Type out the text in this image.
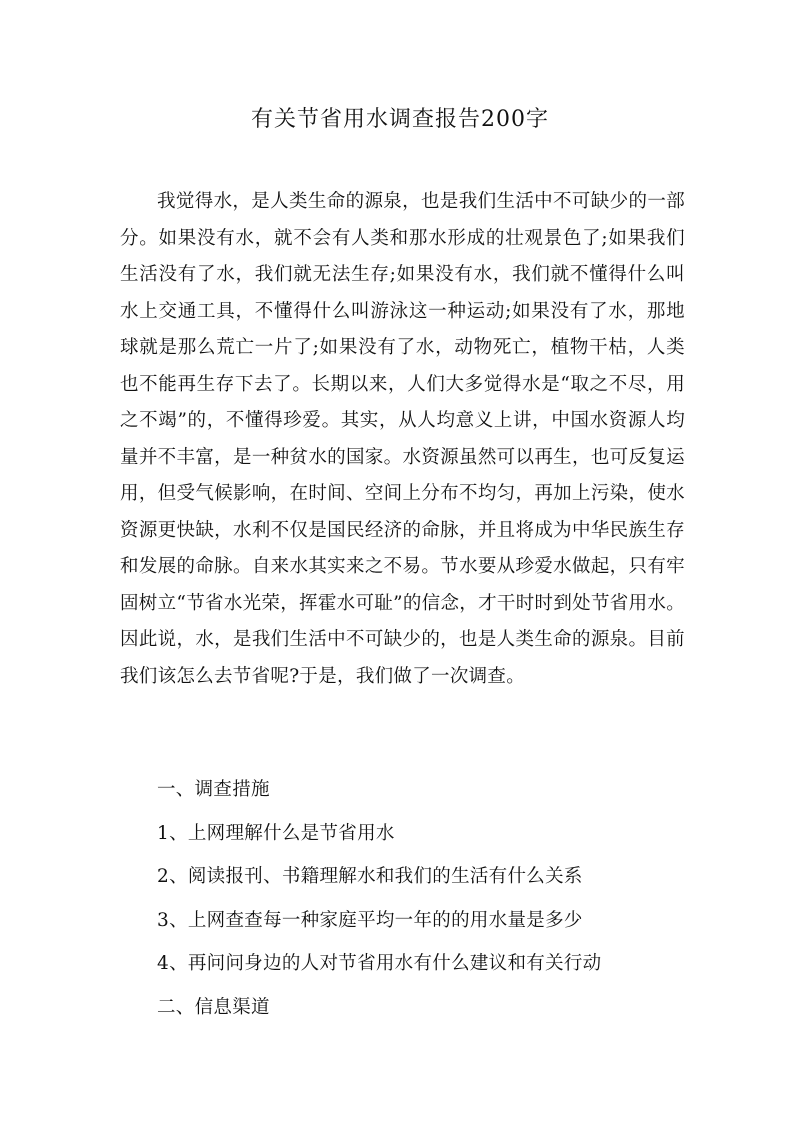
有关节省用水调查报告200字

我觉得水，是人类生命的源泉，也是我们生活中不可缺少的一部分。如果没有水，就不会有人类和那水形成的壮观景色了;如果我们生活没有了水，我们就无法生存;如果没有水，我们就不懂得什么叫水上交通工具，不懂得什么叫游泳这一种运动;如果没有了水，那地球就是那么荒亡一片了;如果没有了水，动物死亡，植物干枯，人类也不能再生存下去了。长期以来，人们大多觉得水是“取之不尽，用之不竭”的，不懂得珍爱。其实，从人均意义上讲，中国水资源人均量并不丰富，是一种贫水的国家。水资源虽然可以再生，也可反复运用，但受气候影响，在时间、空间上分布不均匀，再加上污染，使水资源更快缺，水利不仅是国民经济的命脉，并且将成为中华民族生存和发展的命脉。自来水其实来之不易。节水要从珍爱水做起，只有牢固树立“节省水光荣，挥霍水可耻”的信念，才干时时到处节省用水。因此说，水，是我们生活中不可缺少的，也是人类生命的源泉。目前我们该怎么去节省呢?于是，我们做了一次调查。

一、调查措施
1、上网理解什么是节省用水
2、阅读报刊、书籍理解水和我们的生活有什么关系
3、上网查查每一种家庭平均一年的的用水量是多少
4、再问问身边的人对节省用水有什么建议和有关行动
二、信息渠道
